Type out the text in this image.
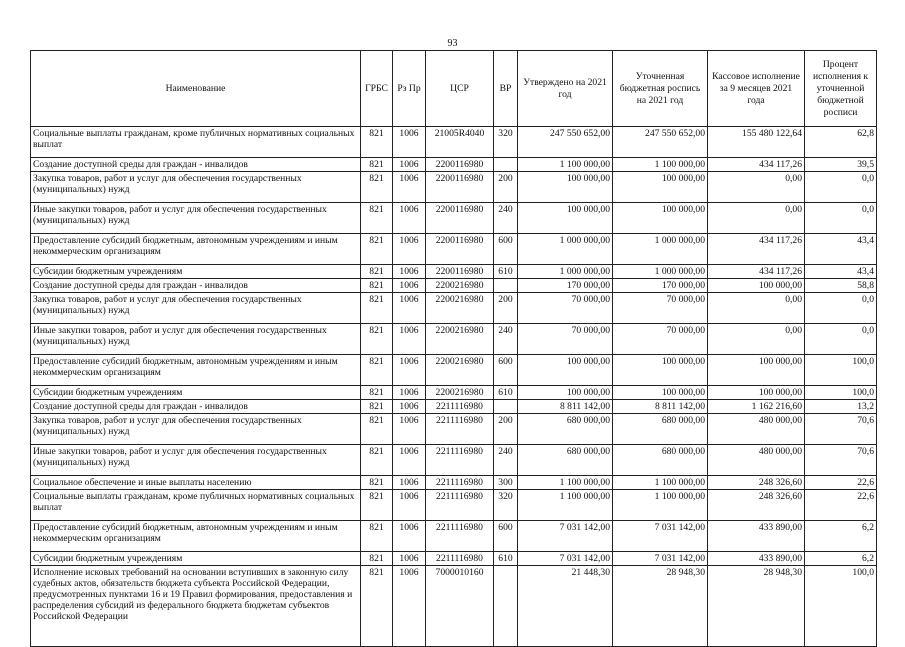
93
Наименование	ГРБС	Рз Пр	ЦСР	ВР	Утверждено на 2021 год	Уточненная бюджетная роспись на 2021 год	Кассовое исполнение за 9 месяцев 2021 года	Процент исполнения к уточненной бюджетной росписи
Социальные выплаты гражданам, кроме публичных нормативных социальных выплат	821	1006	21005R4040	320	247 550 652,00	247 550 652,00	155 480 122,64	62,8
Создание доступной среды для граждан - инвалидов	821	1006	2200116980		1 100 000,00	1 100 000,00	434 117,26	39,5
Закупка товаров, работ и услуг для обеспечения государственных (муниципальных) нужд	821	1006	2200116980	200	100 000,00	100 000,00	0,00	0,0
Иные закупки товаров, работ и услуг для обеспечения государственных (муниципальных) нужд	821	1006	2200116980	240	100 000,00	100 000,00	0,00	0,0
Предоставление субсидий бюджетным, автономным учреждениям и иным некоммерческим организациям	821	1006	2200116980	600	1 000 000,00	1 000 000,00	434 117,26	43,4
Субсидии бюджетным учреждениям	821	1006	2200116980	610	1 000 000,00	1 000 000,00	434 117,26	43,4
Создание доступной среды для граждан - инвалидов	821	1006	2200216980		170 000,00	170 000,00	100 000,00	58,8
Закупка товаров, работ и услуг для обеспечения государственных (муниципальных) нужд	821	1006	2200216980	200	70 000,00	70 000,00	0,00	0,0
Иные закупки товаров, работ и услуг для обеспечения государственных (муниципальных) нужд	821	1006	2200216980	240	70 000,00	70 000,00	0,00	0,0
Предоставление субсидий бюджетным, автономным учреждениям и иным некоммерческим организациям	821	1006	2200216980	600	100 000,00	100 000,00	100 000,00	100,0
Субсидии бюджетным учреждениям	821	1006	2200216980	610	100 000,00	100 000,00	100 000,00	100,0
Создание доступной среды для граждан - инвалидов	821	1006	2211116980		8 811 142,00	8 811 142,00	1 162 216,60	13,2
Закупка товаров, работ и услуг для обеспечения государственных (муниципальных) нужд	821	1006	2211116980	200	680 000,00	680 000,00	480 000,00	70,6
Иные закупки товаров, работ и услуг для обеспечения государственных (муниципальных) нужд	821	1006	2211116980	240	680 000,00	680 000,00	480 000,00	70,6
Социальное обеспечение и иные выплаты населению	821	1006	2211116980	300	1 100 000,00	1 100 000,00	248 326,60	22,6
Социальные выплаты гражданам, кроме публичных нормативных социальных выплат	821	1006	2211116980	320	1 100 000,00	1 100 000,00	248 326,60	22,6
Предоставление субсидий бюджетным, автономным учреждениям и иным некоммерческим организациям	821	1006	2211116980	600	7 031 142,00	7 031 142,00	433 890,00	6,2
Субсидии бюджетным учреждениям	821	1006	2211116980	610	7 031 142,00	7 031 142,00	433 890,00	6,2
Исполнение исковых требований на основании вступивших в законную силу судебных актов, обязательств бюджета субъекта Российской Федерации, предусмотренных пунктами 16 и 19 Правил формирования, предоставления и распределения субсидий из федерального бюджета бюджетам субъектов Российской Федерации	821	1006	7000010160		21 448,30	28 948,30	28 948,30	100,0
